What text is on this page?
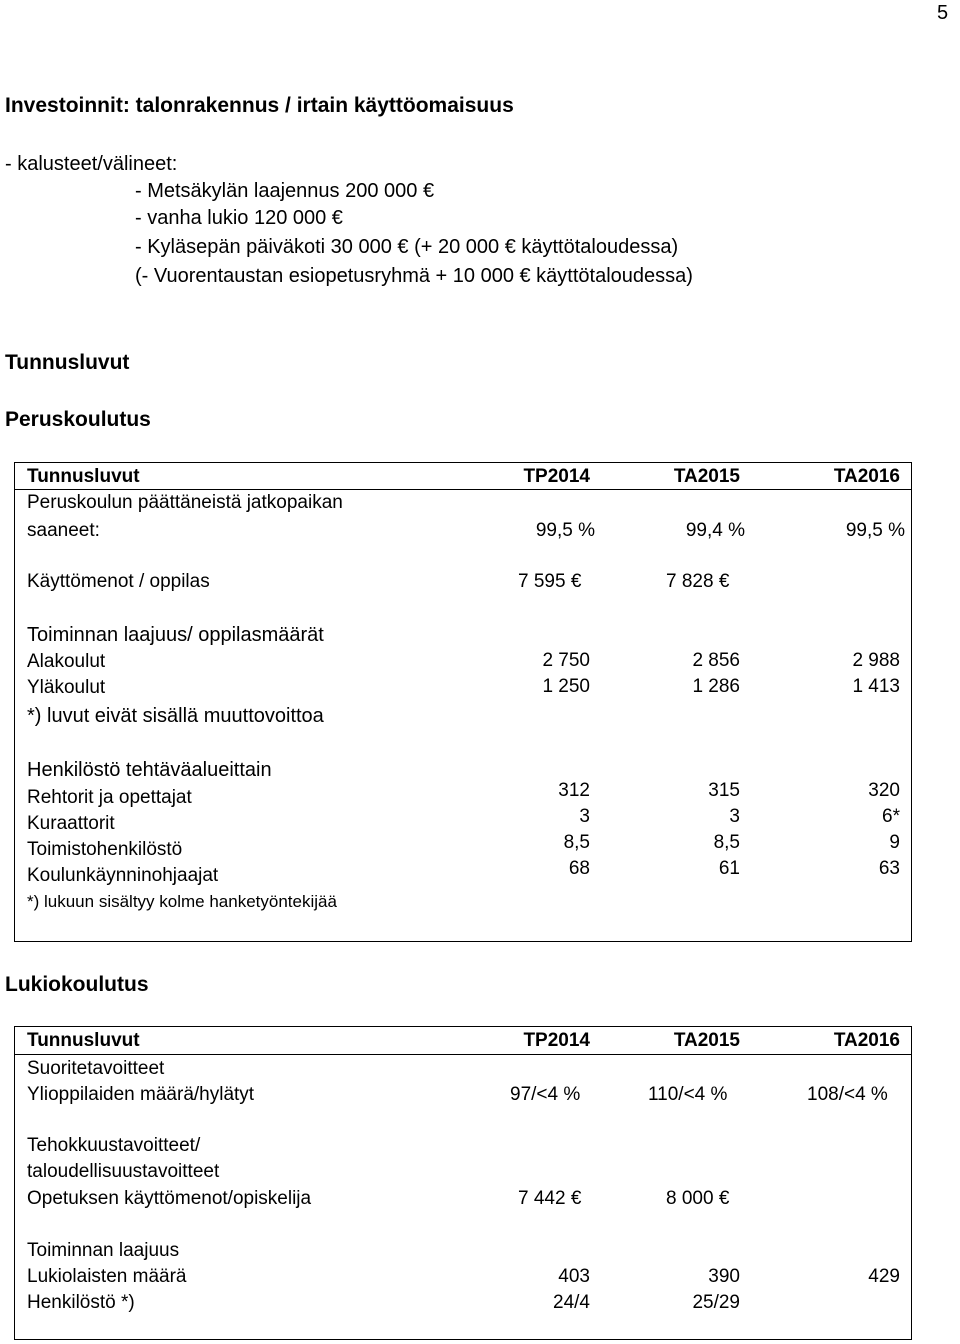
5
Investoinnit: talonrakennus / irtain käyttöomaisuus
- kalusteet/välineet:
- Metsäkylän laajennus 200 000 €
- vanha lukio 120 000 €
- Kyläsepän päiväkoti 30 000 € (+ 20 000 € käyttötaloudessa)
(- Vuorentaustan esiopetusryhmä + 10 000 € käyttötaloudessa)
Tunnusluvut
Peruskoulutus
Tunnusluvut	TP2014	TA2015	TA2016
Peruskoulun päättäneistä jatkopaikan
saaneet:	99,5 %	99,4 %	99,5 %
Käyttömenot / oppilas	7 595 €	7 828 €
Toiminnan laajuus/ oppilasmäärät
Alakoulut	2 750	2 856	2 988
Yläkoulut	1 250	1 286	1 413
*) luvut eivät sisällä muuttovoittoa
Henkilöstö tehtäväalueittain
Rehtorit ja opettajat	312	315	320
Kuraattorit	3	3	6*
Toimistohenkilöstö	8,5	8,5	9
Koulunkäynninohjaajat	68	61	63
*) lukuun sisältyy kolme hanketyöntekijää
Lukiokoulutus
Tunnusluvut	TP2014	TA2015	TA2016
Suoritetavoitteet
Ylioppilaiden määrä/hylätyt	97/<4 %	110/<4 %	108/<4 %
Tehokkuustavoitteet/
taloudellisuustavoitteet
Opetuksen käyttömenot/opiskelija	7 442 €	8 000 €
Toiminnan laajuus
Lukiolaisten määrä	403	390	429
Henkilöstö *)	24/4	25/29
